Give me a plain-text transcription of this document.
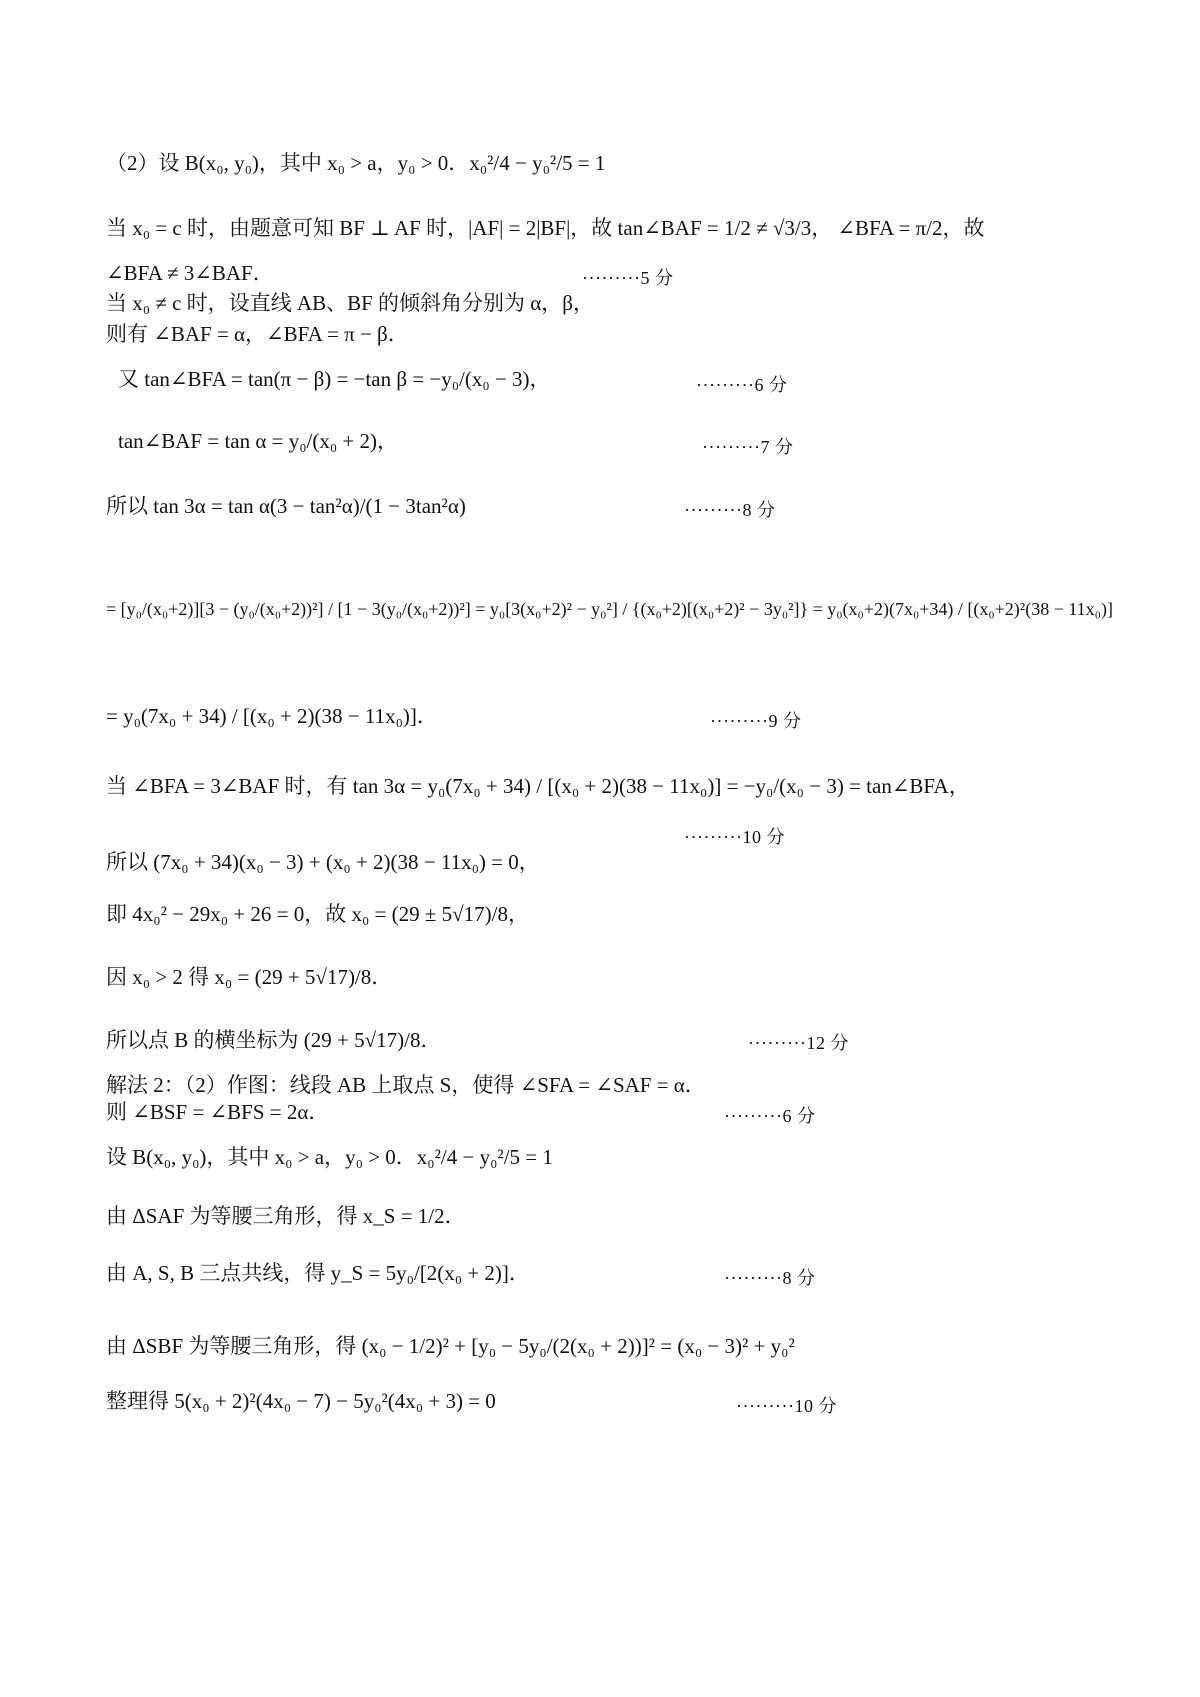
（2）设 B(x₀, y₀)，其中 x₀ > a，y₀ > 0．x₀²/4 − y₀²/5 = 1
当 x₀ = c 时，由题意可知 BF ⊥ AF 时，|AF| = 2|BF|，故 tan∠BAF = 1/2 ≠ √3/3， ∠BFA = π/2，故
∠BFA ≠ 3∠BAF．	·········5 分
当 x₀ ≠ c 时，设直线 AB、BF 的倾斜角分别为 α，β，
则有 ∠BAF = α，∠BFA = π − β．
又 tan∠BFA = tan(π − β) = −tan β = −y₀/(x₀ − 3)，	·········6 分
tan∠BAF = tan α = y₀/(x₀ + 2)，	·········7 分
所以 tan 3α = tan α(3 − tan²α)/(1 − 3tan²α)	·········8 分
= [y₀/(x₀+2)][3 − (y₀/(x₀+2))²] / [1 − 3(y₀/(x₀+2))²] = y₀[3(x₀+2)² − y₀²] / {(x₀+2)[(x₀+2)² − 3y₀²]} = y₀(x₀+2)(7x₀+34) / [(x₀+2)²(38 − 11x₀)]
= y₀(7x₀ + 34) / [(x₀ + 2)(38 − 11x₀)]．	·········9 分
当 ∠BFA = 3∠BAF 时，有 tan 3α = y₀(7x₀ + 34) / [(x₀ + 2)(38 − 11x₀)] = −y₀/(x₀ − 3) = tan∠BFA，
·········10 分
所以 (7x₀ + 34)(x₀ − 3) + (x₀ + 2)(38 − 11x₀) = 0，
即 4x₀² − 29x₀ + 26 = 0，故 x₀ = (29 ± 5√17)/8，
因 x₀ > 2 得 x₀ = (29 + 5√17)/8．
所以点 B 的横坐标为 (29 + 5√17)/8．	·········12 分
解法 2：（2）作图：线段 AB 上取点 S，使得 ∠SFA = ∠SAF = α．
则 ∠BSF = ∠BFS = 2α．	·········6 分
设 B(x₀, y₀)，其中 x₀ > a，y₀ > 0．x₀²/4 − y₀²/5 = 1
由 ΔSAF 为等腰三角形，得 x_S = 1/2．
由 A, S, B 三点共线，得 y_S = 5y₀/[2(x₀ + 2)]．	·········8 分
由 ΔSBF 为等腰三角形，得 (x₀ − 1/2)² + [y₀ − 5y₀/(2(x₀ + 2))]² = (x₀ − 3)² + y₀²
整理得 5(x₀ + 2)²(4x₀ − 7) − 5y₀²(4x₀ + 3) = 0	·········10 分
